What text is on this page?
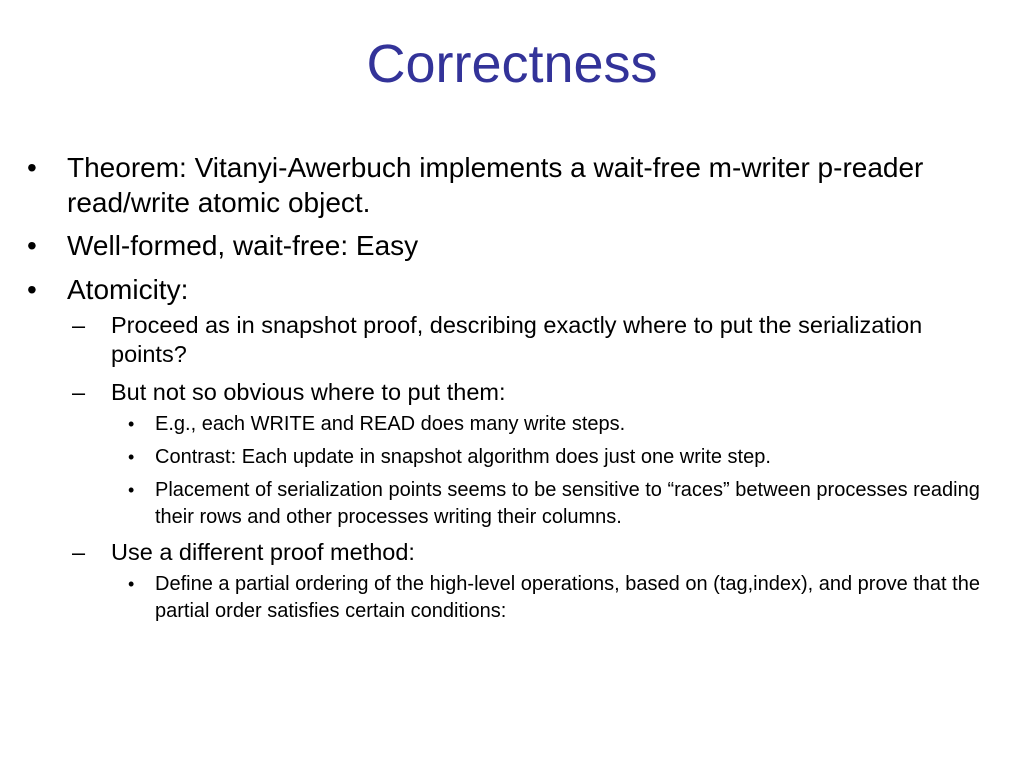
Correctness
• Theorem: Vitanyi-Awerbuch implements a wait-free m-writer p-reader read/write atomic object.
• Well-formed, wait-free: Easy
• Atomicity:
– Proceed as in snapshot proof, describing exactly where to put the serialization points?
– But not so obvious where to put them:
• E.g., each WRITE and READ does many write steps.
• Contrast: Each update in snapshot algorithm does just one write step.
• Placement of serialization points seems to be sensitive to “races” between processes reading their rows and other processes writing their columns.
– Use a different proof method:
• Define a partial ordering of the high-level operations, based on (tag,index), and prove that the partial order satisfies certain conditions:
